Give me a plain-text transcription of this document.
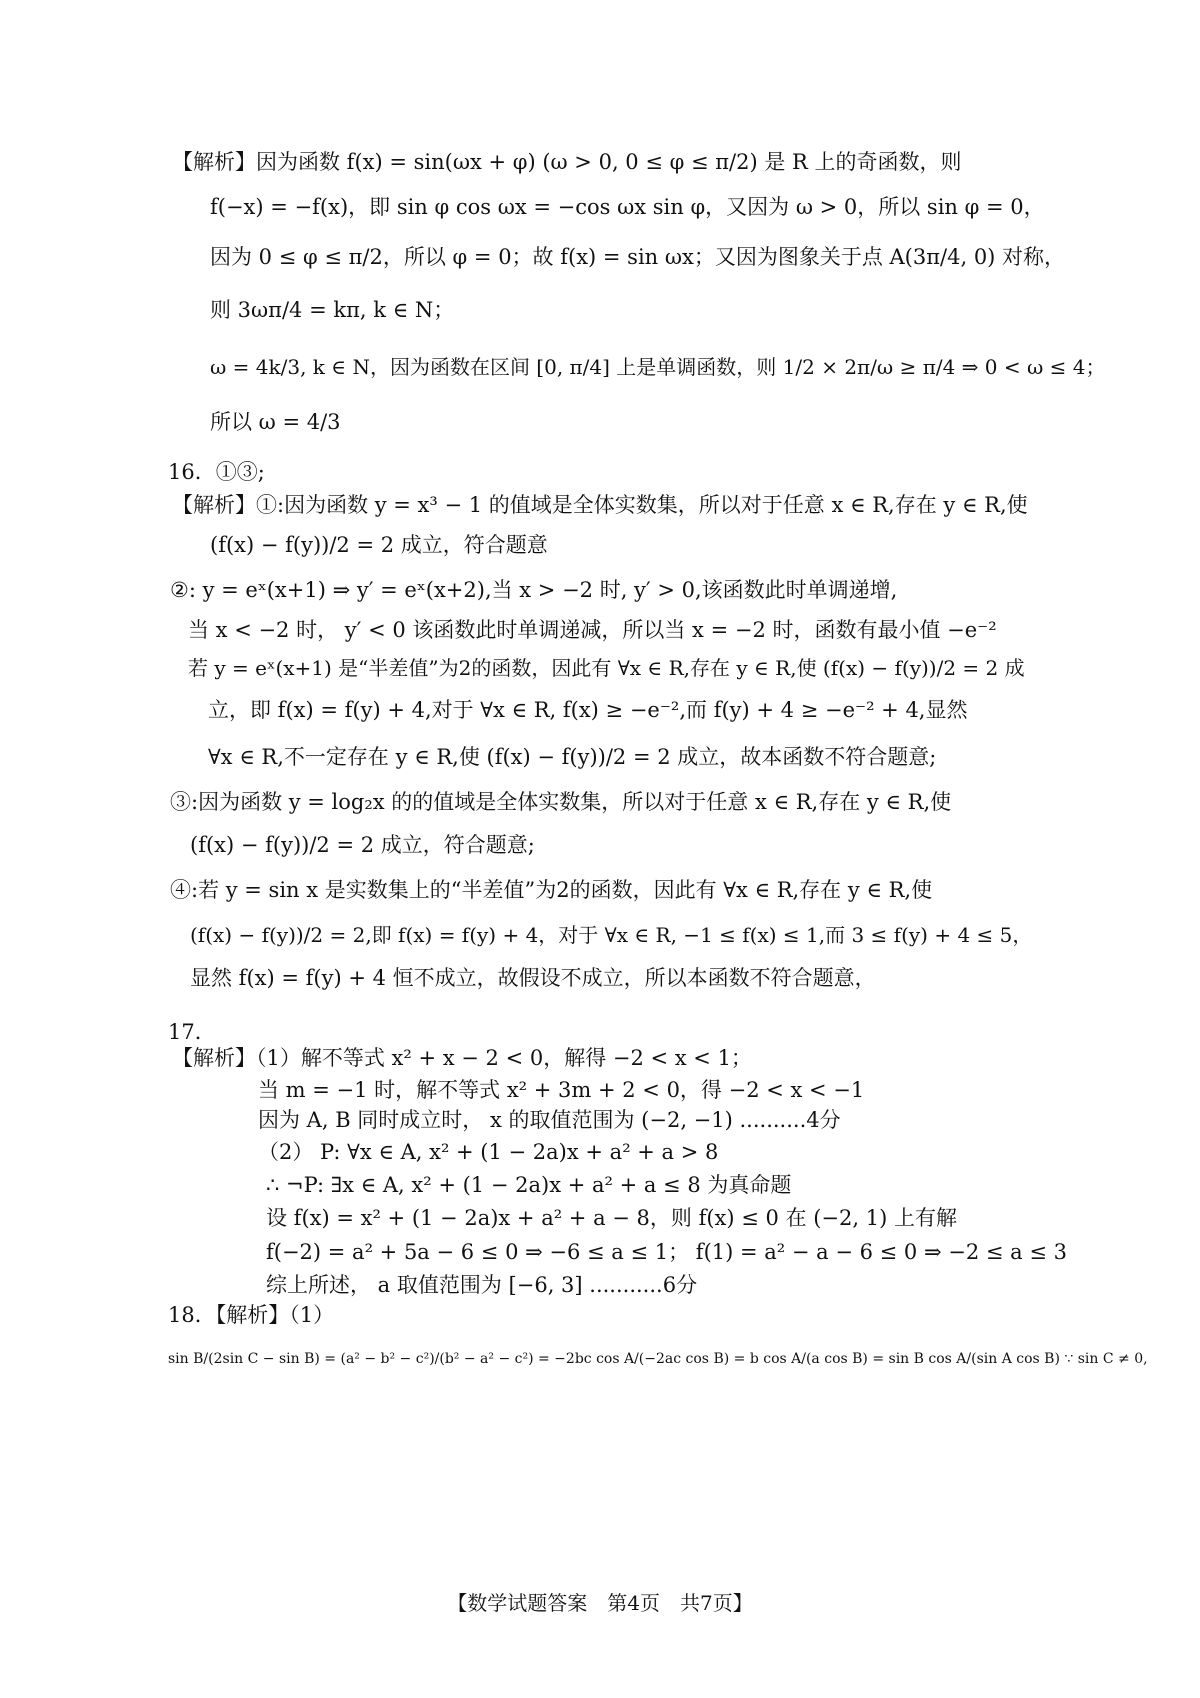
【解析】因为函数 f(x) = sin(ωx + φ) (ω > 0, 0 ≤ φ ≤ π/2) 是 R 上的奇函数，则
f(−x) = −f(x)，即 sin φ cos ωx = −cos ωx sin φ，又因为 ω > 0，所以 sin φ = 0，
因为 0 ≤ φ ≤ π/2，所以 φ = 0；故 f(x) = sin ωx；又因为图象关于点 A(3π/4, 0) 对称，
则 3ωπ/4 = kπ, k ∈ N；
ω = 4k/3, k ∈ N，因为函数在区间 [0, π/4] 上是单调函数，则 1/2 × 2π/ω ≥ π/4 ⇒ 0 < ω ≤ 4；
所以 ω = 4/3
16．①③;
【解析】①:因为函数 y = x³ − 1 的值域是全体实数集，所以对于任意 x ∈ R,存在 y ∈ R,使
(f(x) − f(y))/2 = 2 成立，符合题意
②: y = eˣ(x+1) ⇒ y′ = eˣ(x+2),当 x > −2 时, y′ > 0,该函数此时单调递增,
当 x < −2 时， y′ < 0 该函数此时单调递减，所以当 x = −2 时，函数有最小值 −e⁻²
若 y = eˣ(x+1) 是“半差值”为2的函数，因此有 ∀x ∈ R,存在 y ∈ R,使 (f(x) − f(y))/2 = 2 成
立，即 f(x) = f(y) + 4,对于 ∀x ∈ R, f(x) ≥ −e⁻²,而 f(y) + 4 ≥ −e⁻² + 4,显然
∀x ∈ R,不一定存在 y ∈ R,使 (f(x) − f(y))/2 = 2 成立，故本函数不符合题意;
③:因为函数 y = log₂x 的的值域是全体实数集，所以对于任意 x ∈ R,存在 y ∈ R,使
(f(x) − f(y))/2 = 2 成立，符合题意;
④:若 y = sin x 是实数集上的“半差值”为2的函数，因此有 ∀x ∈ R,存在 y ∈ R,使
(f(x) − f(y))/2 = 2,即 f(x) = f(y) + 4，对于 ∀x ∈ R, −1 ≤ f(x) ≤ 1,而 3 ≤ f(y) + 4 ≤ 5，
显然 f(x) = f(y) + 4 恒不成立，故假设不成立，所以本函数不符合题意，
17．
【解析】（1）解不等式 x² + x − 2 < 0，解得 −2 < x < 1；
当 m = −1 时，解不等式 x² + 3m + 2 < 0，得 −2 < x < −1
因为 A, B 同时成立时， x 的取值范围为 (−2, −1) ..........4分
（2） P: ∀x ∈ A, x² + (1 − 2a)x + a² + a > 8
∴ ¬P: ∃x ∈ A, x² + (1 − 2a)x + a² + a ≤ 8 为真命题
设 f(x) = x² + (1 − 2a)x + a² + a − 8，则 f(x) ≤ 0 在 (−2, 1) 上有解
f(−2) = a² + 5a − 6 ≤ 0 ⇒ −6 ≤ a ≤ 1； f(1) = a² − a − 6 ≤ 0 ⇒ −2 ≤ a ≤ 3
综上所述， a 取值范围为 [−6, 3] ...........6分
18．【解析】（1）
sin B/(2sin C − sin B) = (a² − b² − c²)/(b² − a² − c²) = −2bc cos A/(−2ac cos B) = b cos A/(a cos B) = sin B cos A/(sin A cos B) ∵ sin C ≠ 0,
【数学试题答案　第4页　共7页】
